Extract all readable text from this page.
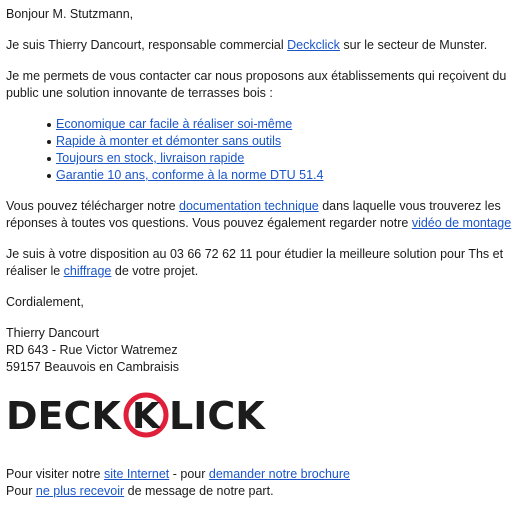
Bonjour M. Stutzmann,

Je suis Thierry Dancourt, responsable commercial Deckclick sur le secteur de Munster.

Je me permets de vous contacter car nous proposons aux établissements qui reçoivent du public une solution innovante de terrasses bois :

Economique car facile à réaliser soi-même
Rapide à monter et démonter sans outils
Toujours en stock, livraison rapide
Garantie 10 ans, conforme à la norme DTU 51.4

Vous pouvez télécharger notre documentation technique dans laquelle vous trouverez les réponses à toutes vos questions. Vous pouvez également regarder notre vidéo de montage

Je suis à votre disposition au 03 66 72 62 11 pour étudier la meilleure solution pour Ths et réaliser le chiffrage de votre projet.

Cordialement,

Thierry Dancourt

RD 643 - Rue Victor Watremez

59157 Beauvois en Cambraisis

DECK K LICK

Pour visiter notre site Internet - pour demander notre brochure

Pour ne plus recevoir de message de notre part.
